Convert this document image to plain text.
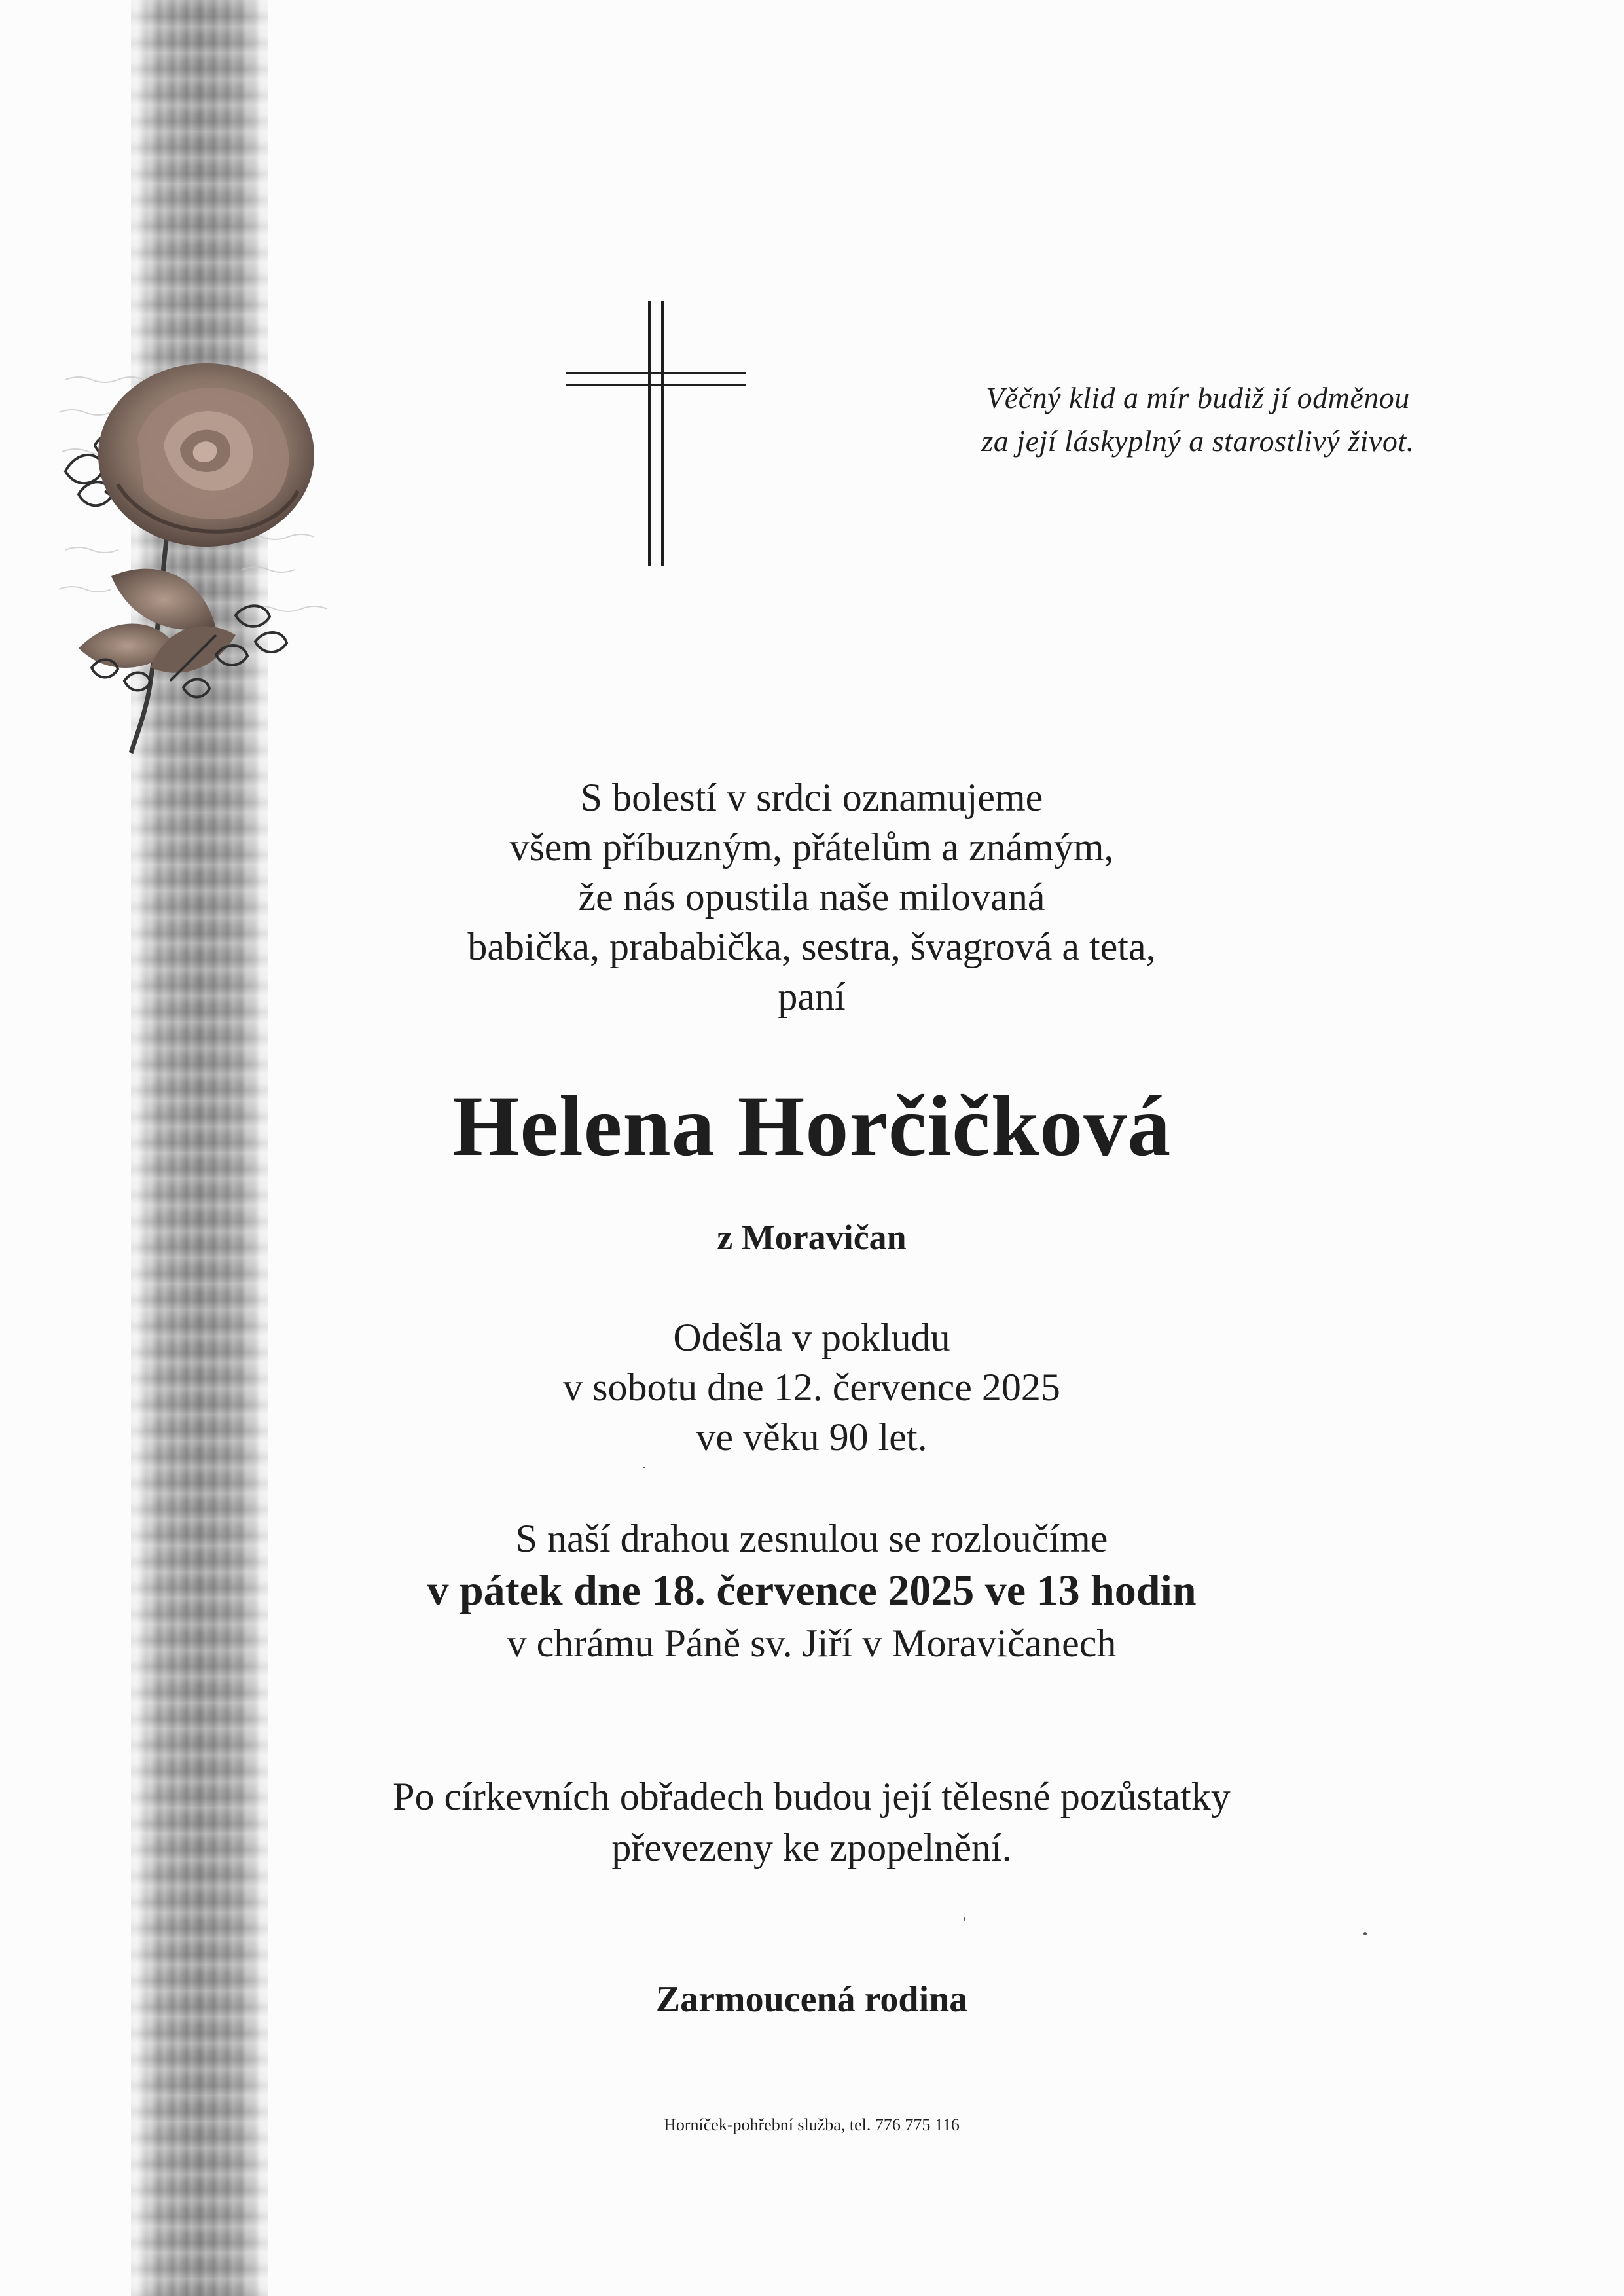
Věčný klid a mír budiž jí odměnou
za její láskyplný a starostlivý život.
S bolestí v srdci oznamujeme
všem příbuzným, přátelům a známým,
že nás opustila naše milovaná
babička, prababička, sestra, švagrová a teta,
paní
Helena Horčičková
z Moravičan
Odešla v pokludu
v sobotu dne 12. července 2025
ve věku 90 let.
S naší drahou zesnulou se rozloučíme
v pátek dne 18. července 2025 ve 13 hodin
v chrámu Páně sv. Jiří v Moravičanech
Po církevních obřadech budou její tělesné pozůstatky
převezeny ke zpopelnění.
Zarmoucená rodina
Horníček-pohřební služba, tel. 776 775 116
